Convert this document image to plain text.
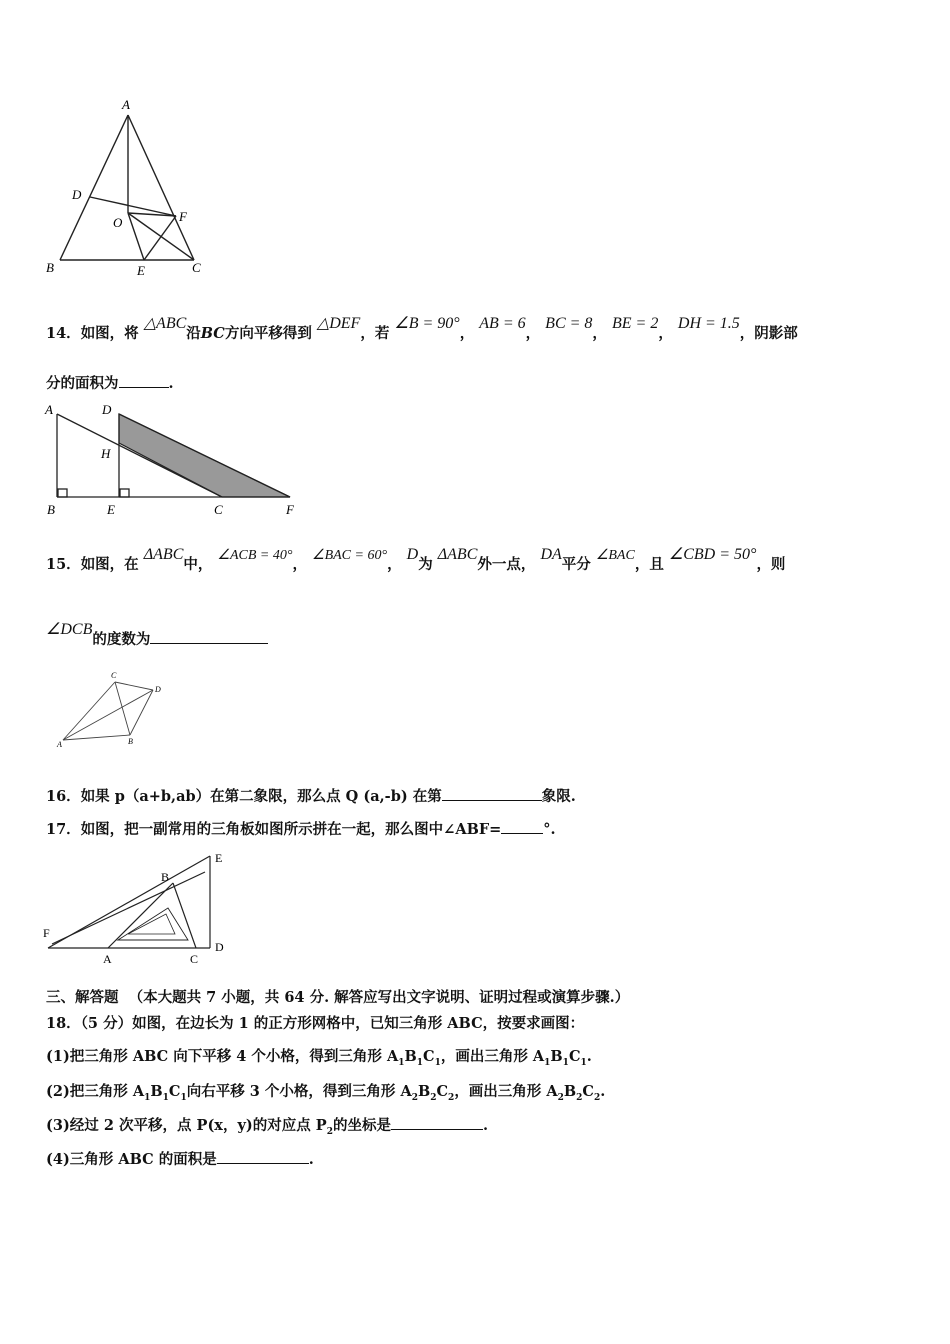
A
D
O	F
B	E	C
14．如图，将 △ABC沿BC方向平移得到 △DEF，若 ∠B = 90°， AB = 6， BC = 8， BE = 2， DH = 1.5，阴影部
分的面积为	.
A	D
H
B	E	C	F
15．如图，在 ΔABC中， ∠ACB = 40°， ∠BAC = 60°， D为 ΔABC外一点， DA平分 ∠BAC，且 ∠CBD = 50°，则
∠DCB的度数为
C
D
A	B
16．如果 p（a+b,ab）在第二象限，那么点 Q (a,-b) 在第	象限.
17．如图，把一副常用的三角板如图所示拼在一起，那么图中∠ABF=	°.
E
B
F
D
A	C
三、解答题 （本大题共 7 小题，共 64 分. 解答应写出文字说明、证明过程或演算步骤.）
18．（5 分）如图，在边长为 1 的正方形网格中，已知三角形 ABC，按要求画图：
(1)把三角形 ABC 向下平移 4 个小格，得到三角形 $A_1B_1C_1$，画出三角形 $A_1B_1C_1$.
(2)把三角形 $A_1B_1C_1$向右平移 3 个小格，得到三角形 $A_2B_2C_2$，画出三角形 $A_2B_2C_2$.
(3)经过 2 次平移，点 P(x，y)的对应点 $P_2$的坐标是	.
(4)三角形 ABC 的面积是	.
